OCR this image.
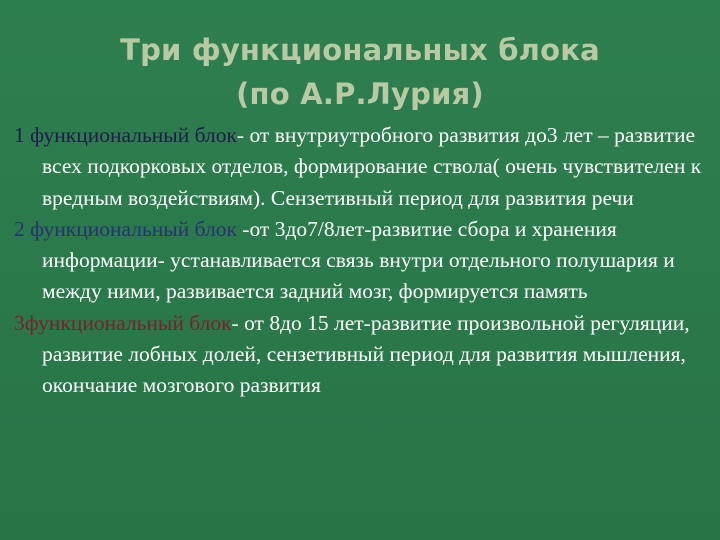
Три функциональных блока
(по А.Р.Лурия)

1 функциональный блок- от внутриутробного развития до3 лет – развитие всех подкорковых отделов, формирование ствола( очень чувствителен к вредным воздействиям). Сензетивный период для развития речи

2 функциональный блок -от 3до7/8лет-развитие сбора и хранения информации- устанавливается связь внутри отдельного полушария и между ними, развивается задний мозг, формируется память

3функциональный блок- от 8до 15 лет-развитие произвольной регуляции, развитие лобных долей, сензетивный период для развития мышления, окончание мозгового развития
